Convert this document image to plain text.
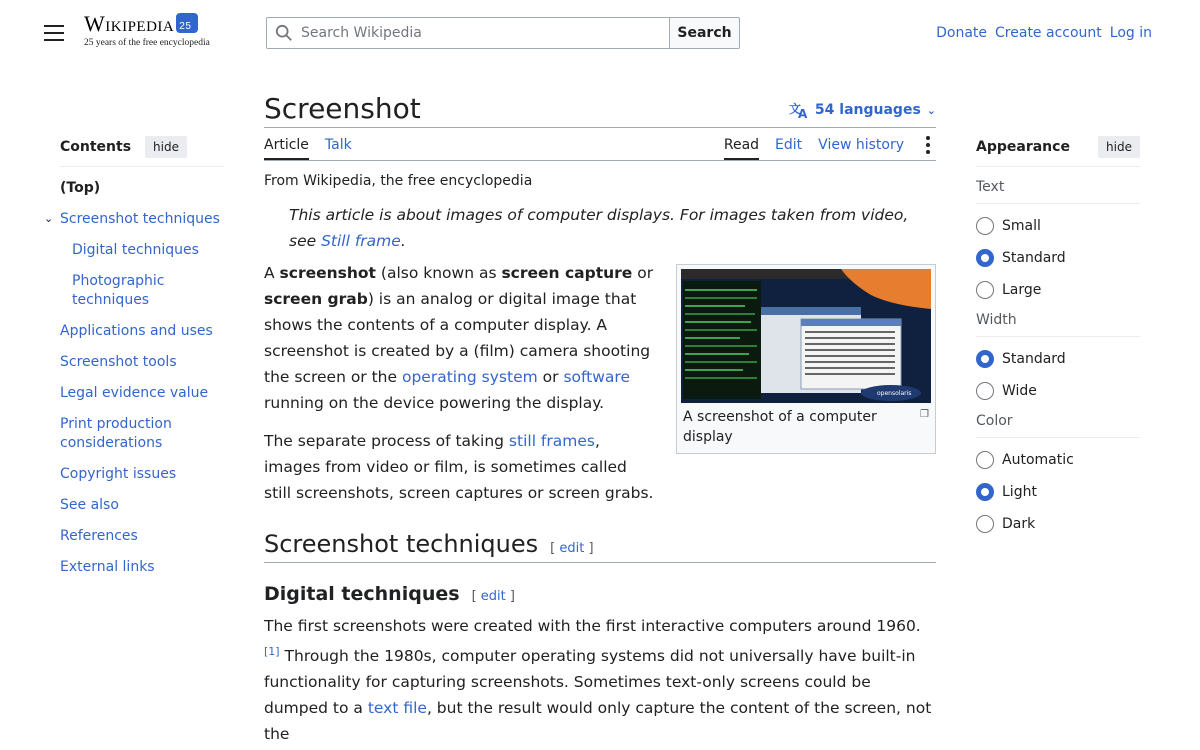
Wikipedia25
25 years of the free encyclopedia
Search Wikipedia
Search	Donate Create account Log in
Contents	hide
(Top)
⌄ Screenshot techniques
Digital techniques
Photographic techniques
Applications and uses
Screenshot tools
Legal evidence value
Print production considerations
Copyright issues
See also
References
External links
Screenshot	文
A 54 languages ⌄
Article Talk	Read Edit View history
From Wikipedia, the free encyclopedia
This article is about images of computer displays. For images taken from video, see Still frame.
opensolaris
A screenshot of a computer display
❐

A screenshot (also known as screen capture or screen grab) is an analog or digital image that shows the contents of a computer display. A screenshot is created by a (film) camera shooting the screen or the operating system or software running on the device powering the display.

The separate process of taking still frames, images from video or film, is sometimes called still screenshots, screen captures or screen grabs.

Screenshot techniques [ edit ]
Digital techniques [ edit ]

The first screenshots were created with the first interactive computers around 1960.[1] Through the 1980s, computer operating systems did not universally have built-in functionality for capturing screenshots. Sometimes text-only screens could be dumped to a text file, but the result would only capture the content of the screen, not the

Appearance	hide
Text
Small
Standard
Large
Width
Standard
Wide
Color
Automatic
Light
Dark
